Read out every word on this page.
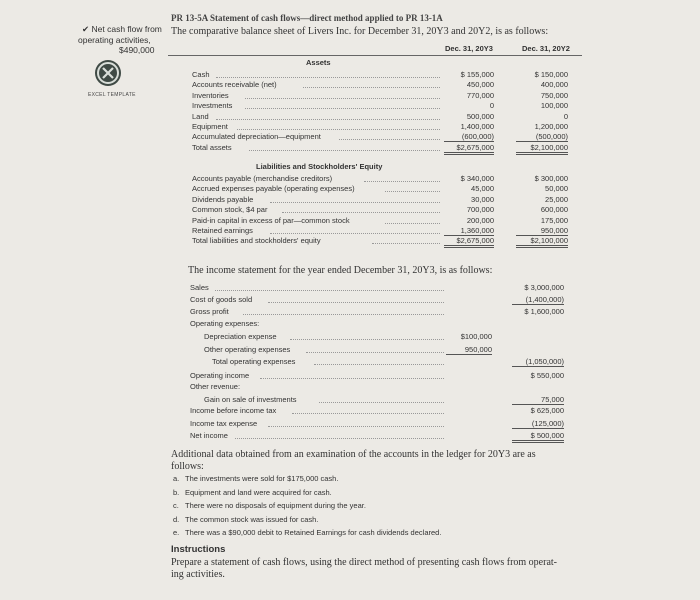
✔ Net cash flow from
operating activities,
$490,000
EXCEL TEMPLATE
PR 13-5A Statement of cash flows—direct method applied to PR 13-1A
The comparative balance sheet of Livers Inc. for December 31, 20Y3 and 20Y2, is as follows:
Dec. 31, 20Y3	Dec. 31, 20Y2
Assets
Cash	$ 155,000	$ 150,000
Accounts receivable (net)	450,000	400,000
Inventories	770,000	750,000
Investments	0	100,000
Land	500,000	0
Equipment	1,400,000	1,200,000
Accumulated depreciation—equipment	(600,000)	(500,000)
Total assets	$2,675,000	$2,100,000
Liabilities and Stockholders' Equity
Accounts payable (merchandise creditors)	$ 340,000	$ 300,000
Accrued expenses payable (operating expenses)	45,000	50,000
Dividends payable	30,000	25,000
Common stock, $4 par	700,000	600,000
Paid-in capital in excess of par—common stock	200,000	175,000
Retained earnings	1,360,000	950,000
Total liabilities and stockholders' equity	$2,675,000	$2,100,000
The income statement for the year ended December 31, 20Y3, is as follows:
Sales	$ 3,000,000
Cost of goods sold	(1,400,000)
Gross profit	$ 1,600,000
Operating expenses:
Depreciation expense	$100,000
Other operating expenses	950,000
Total operating expenses	(1,050,000)
Operating income	$ 550,000
Other revenue:
Gain on sale of investments	75,000
Income before income tax	$ 625,000
Income tax expense	(125,000)
Net income	$ 500,000
Additional data obtained from an examination of the accounts in the ledger for 20Y3 are as
follows:
a. The investments were sold for $175,000 cash.
b. Equipment and land were acquired for cash.
c. There were no disposals of equipment during the year.
d. The common stock was issued for cash.
e. There was a $90,000 debit to Retained Earnings for cash dividends declared.
Instructions
Prepare a statement of cash flows, using the direct method of presenting cash flows from operat-
ing activities.
